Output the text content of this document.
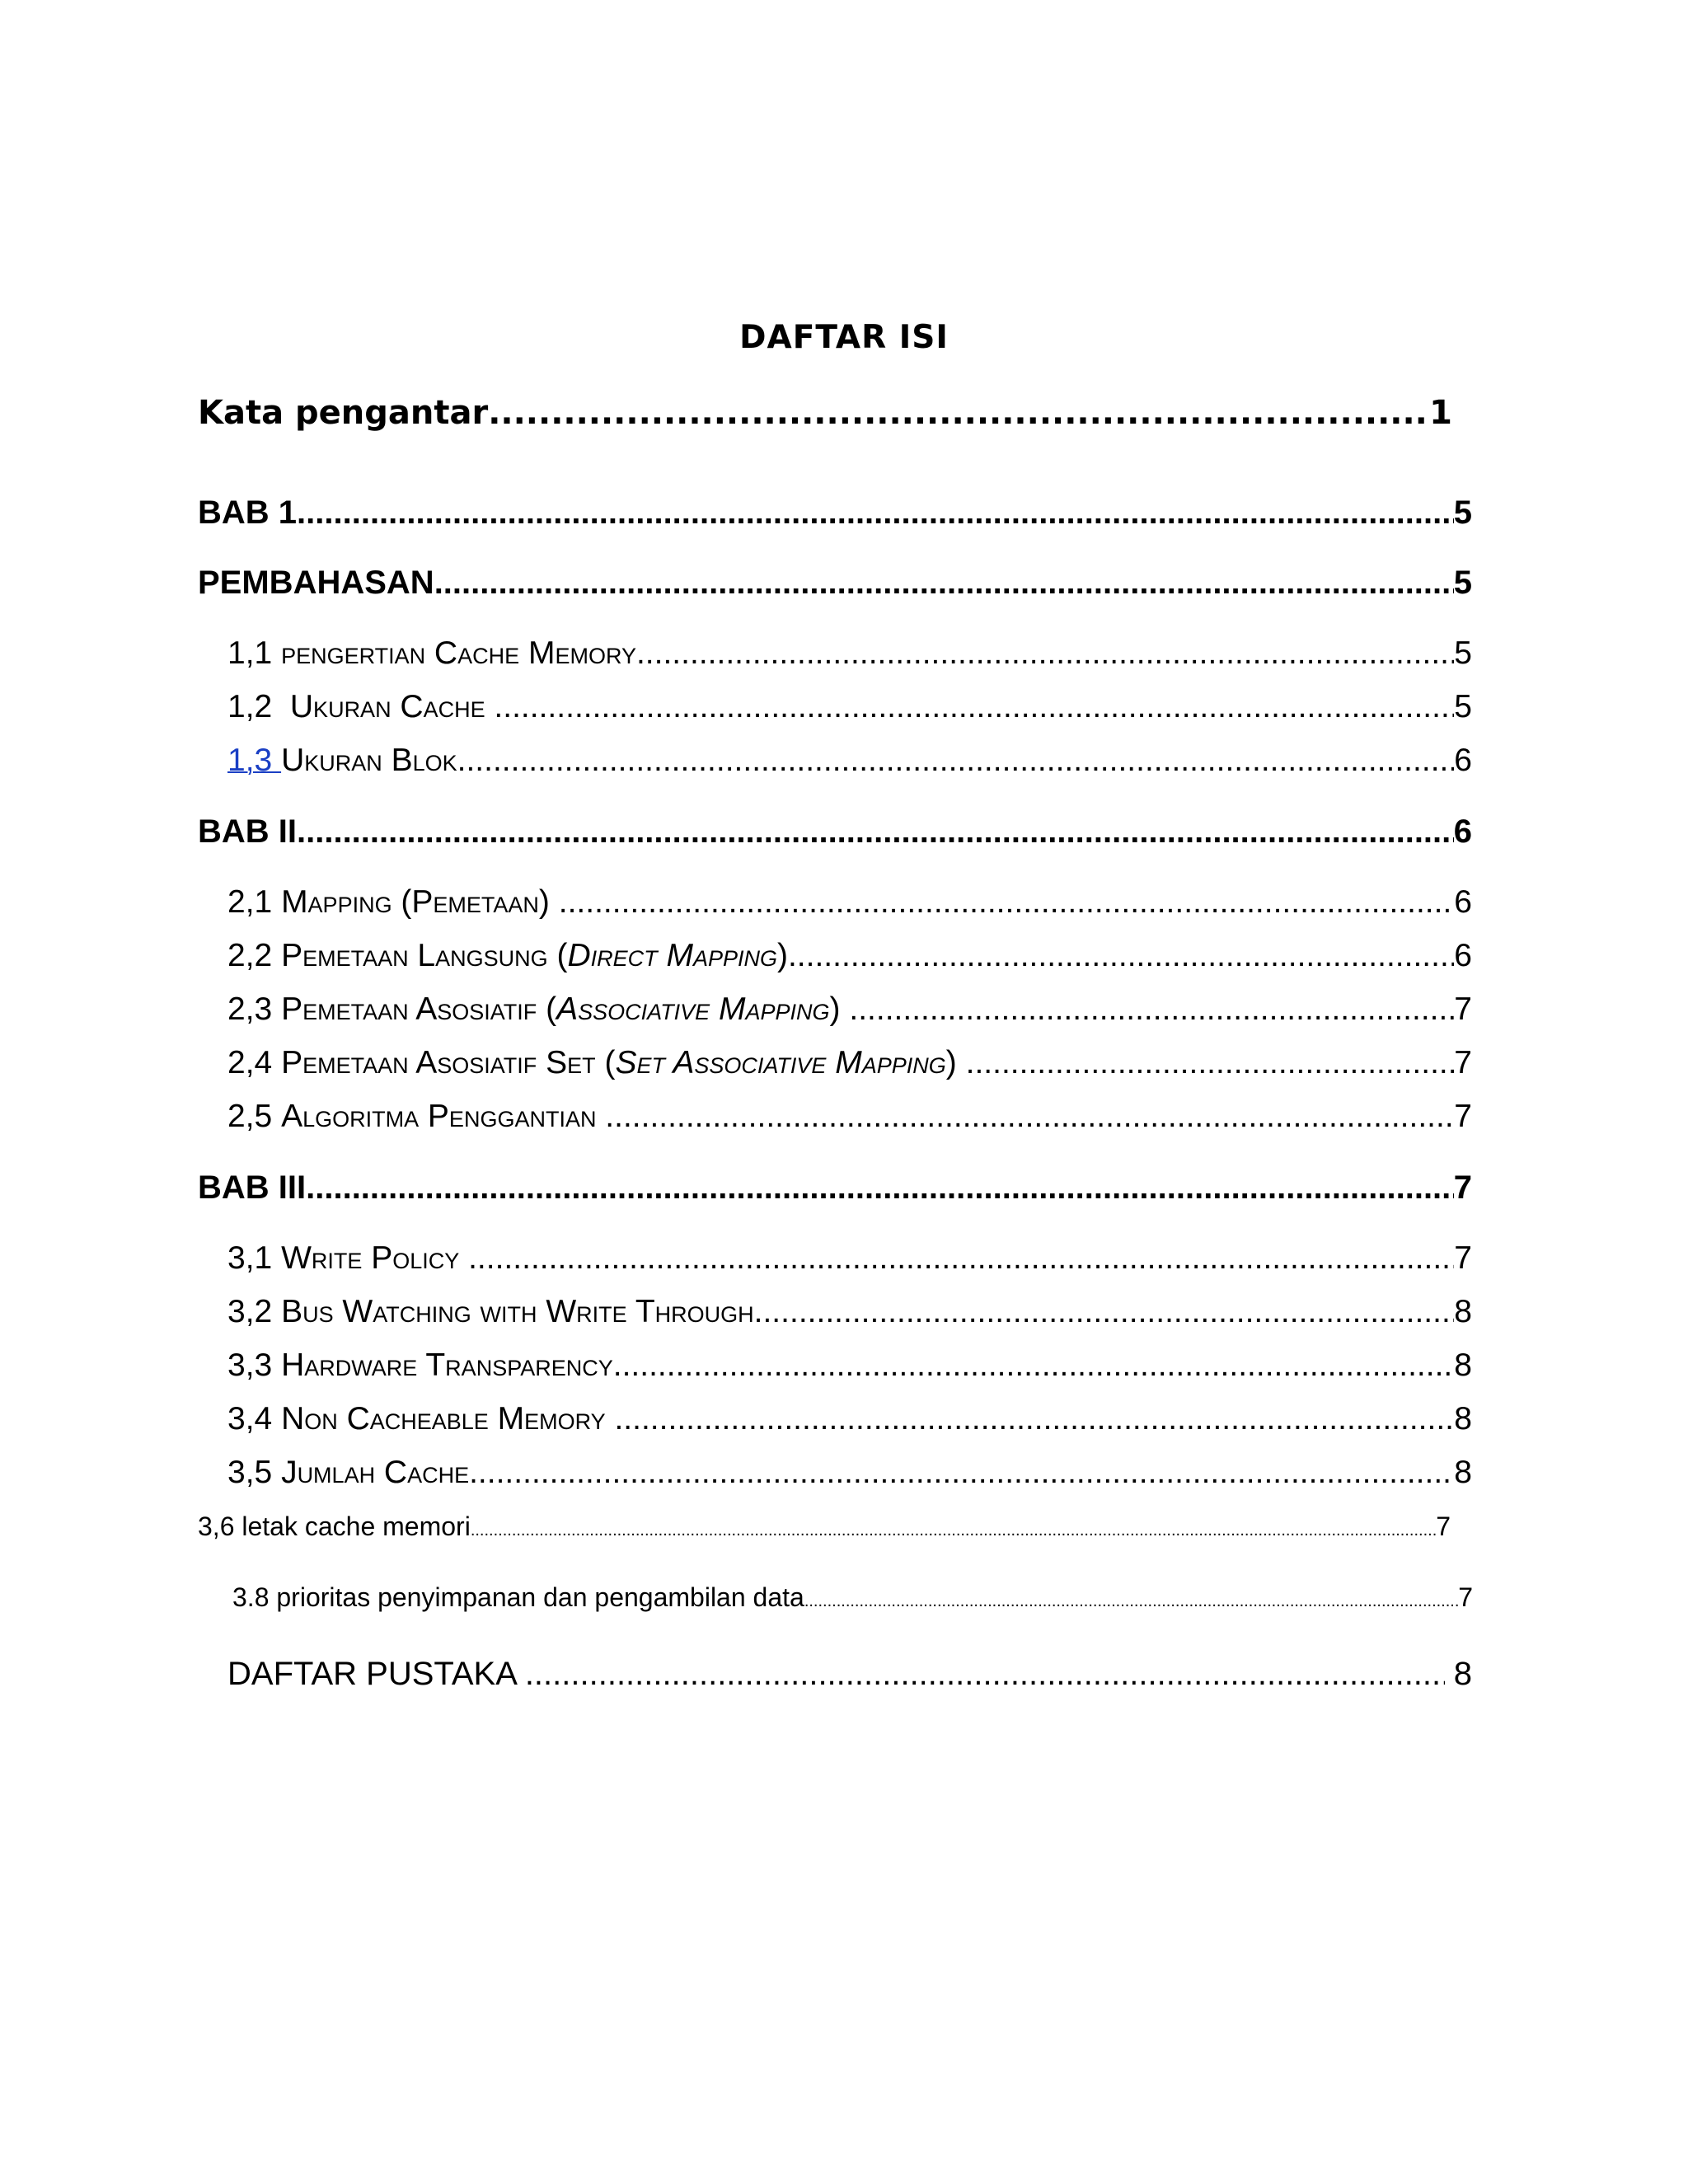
DAFTAR ISI
Kata pengantar .....	1
BAB 1 .....	5
PEMBAHASAN .....	5
1,1 pengertian Cache Memory .....	5
1,2  Ukuran Cache .....	5
1,3 Ukuran Blok .....	6
BAB II .....	6
2,1 Mapping (Pemetaan) .....	6
2,2 Pemetaan Langsung (Direct Mapping) .....	6
2,3 Pemetaan Asosiatif (Associative Mapping) .....	7
2,4 Pemetaan Asosiatif Set (Set Associative Mapping) .....	7
2,5 Algoritma Penggantian .....	7
BAB III .....	7
3,1 Write Policy .....	7
3,2 Bus Watching with Write Through .....	8
3,3 Hardware Transparency .....	8
3,4 Non Cacheable Memory .....	8
3,5 Jumlah Cache .....	8
3,6 letak cache memori .....	7
3.8 prioritas penyimpanan dan pengambilan data .....	7
DAFTAR PUSTAKA .....	8
